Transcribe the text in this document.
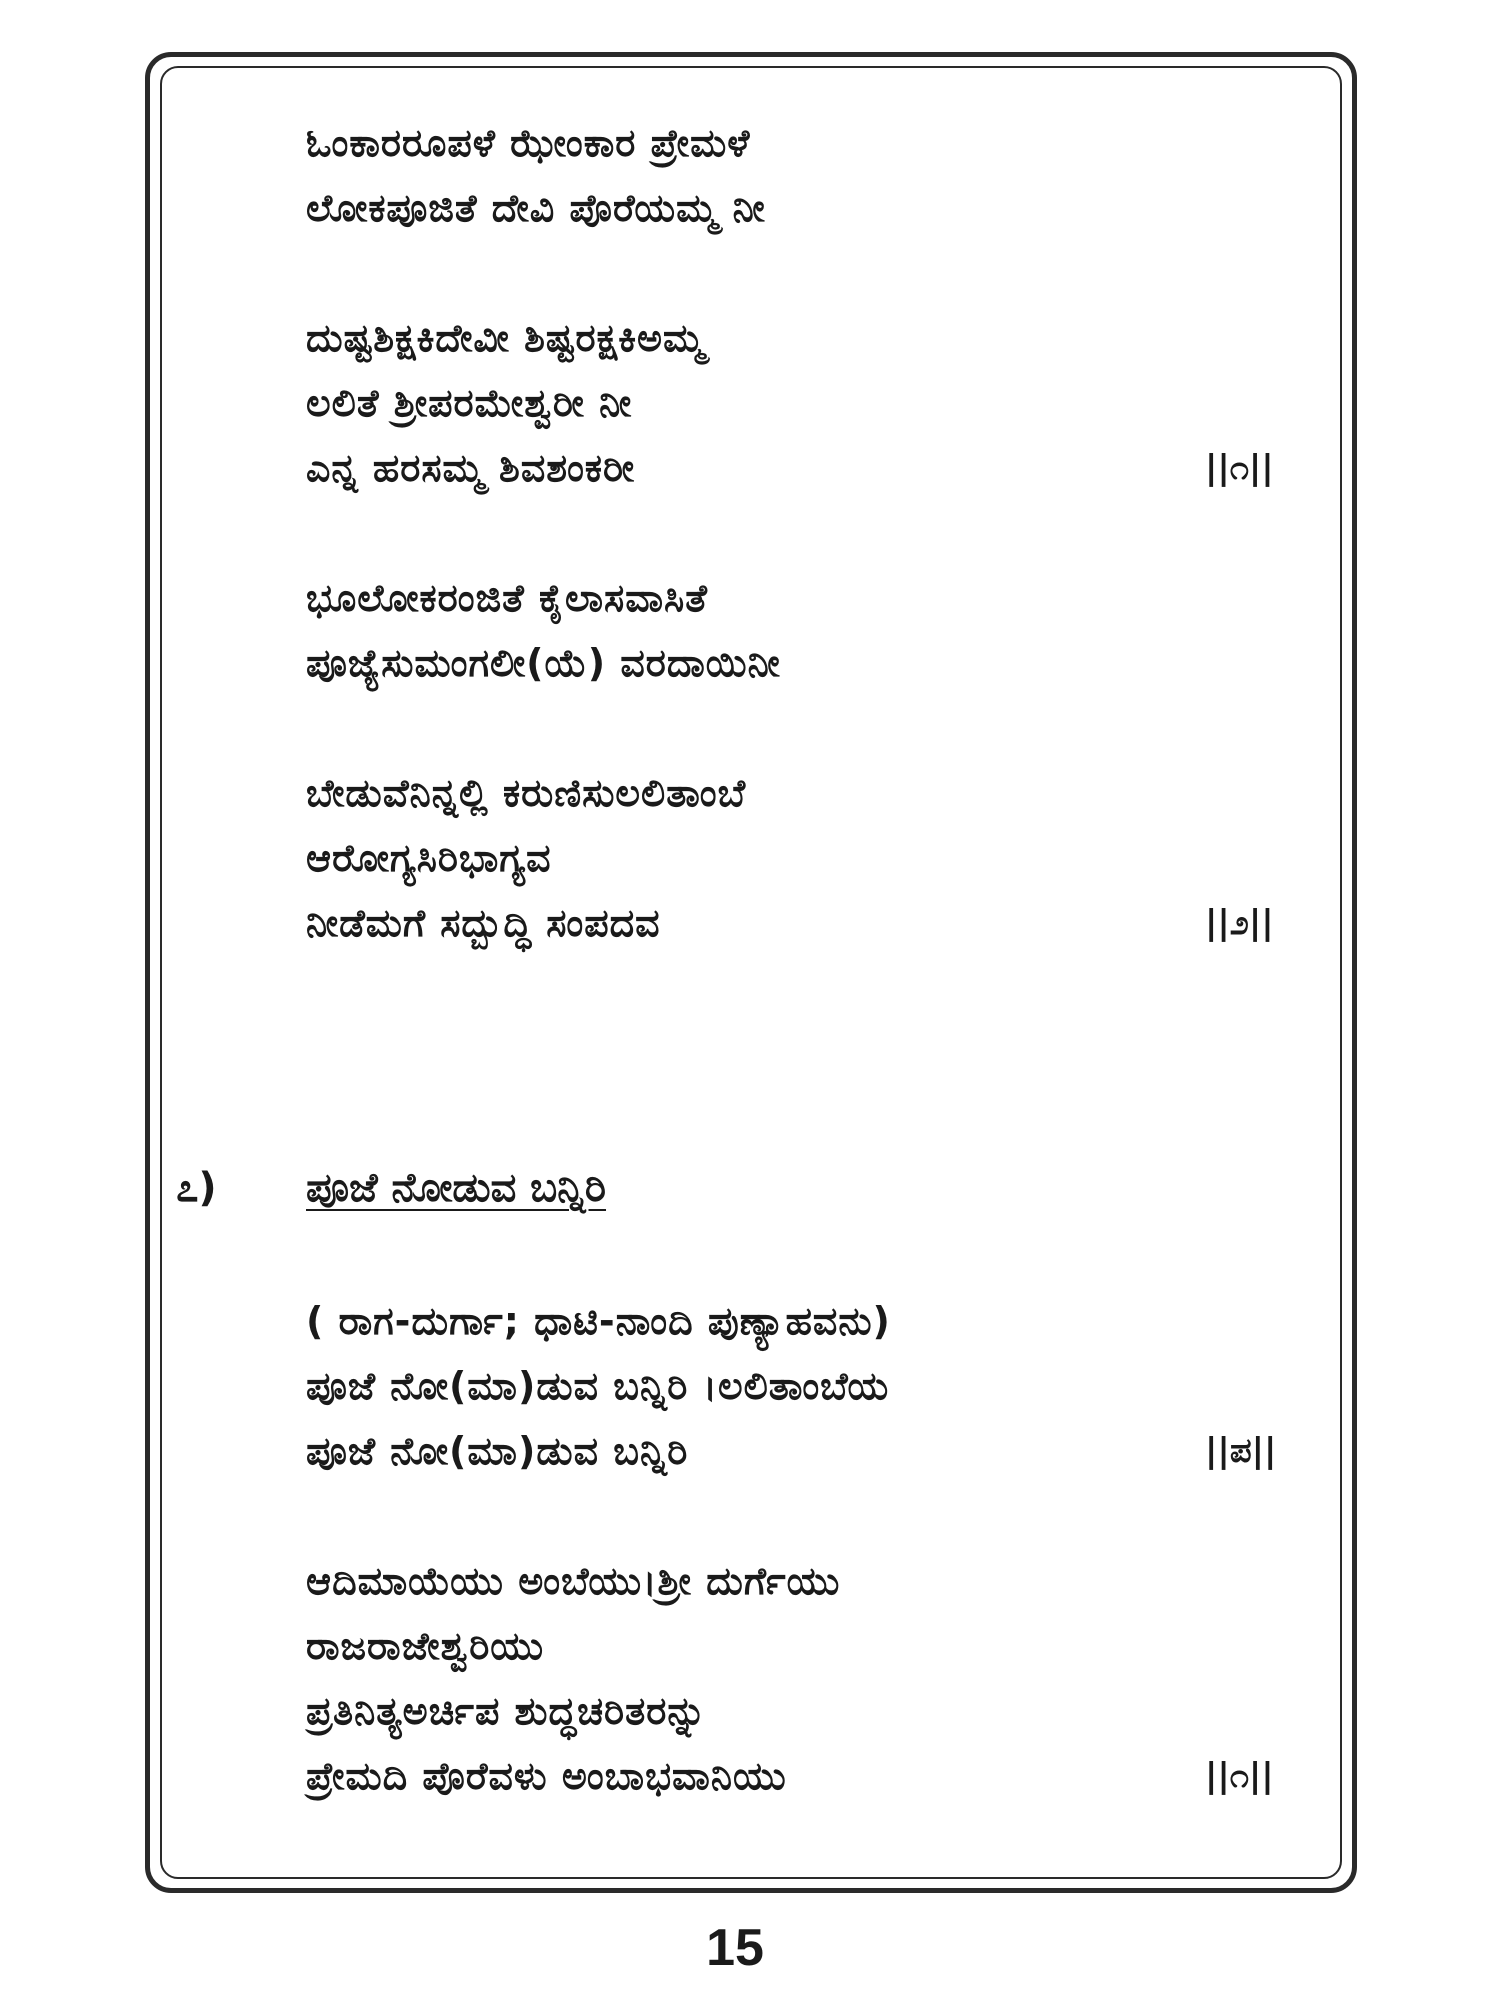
ಓಂಕಾರರೂಪಳೆ ಝೇಂಕಾರ ಪ್ರೇಮಳೆ
ಲೋಕಪೂಜಿತೆ ದೇವಿ ಪೊರೆಯಮ್ಮ ನೀ
ದುಷ್ಟಶಿಕ್ಷಕಿದೇವೀ ಶಿಷ್ಟರಕ್ಷಕಿಅಮ್ಮ
ಲಲಿತೆ ಶ್ರೀಪರಮೇಶ್ವರೀ ನೀ
ಎನ್ನ ಹರಸಮ್ಮ ಶಿವಶಂಕರೀ	||೧||
ಭೂಲೋಕರಂಜಿತೆ ಕೈಲಾಸವಾಸಿತೆ
ಪೂಜ್ಯೆಸುಮಂಗಲೀ(ಯೆ) ವರದಾಯಿನೀ
ಬೇಡುವೆನಿನ್ನಲ್ಲಿ ಕರುಣಿಸುಲಲಿತಾಂಬೆ
ಆರೋಗ್ಯಸಿರಿಭಾಗ್ಯವ
ನೀಡೆಮಗೆ ಸದ್ಬುದ್ಧಿ ಸಂಪದವ	||೨||
೭) ಪೂಜೆ ನೋಡುವ ಬನ್ನಿರಿ
( ರಾಗ-ದುರ್ಗಾ; ಧಾಟಿ-ನಾಂದಿ ಪುಣ್ಯಾಹವನು)
ಪೂಜೆ ನೋ(ಮಾ)ಡುವ ಬನ್ನಿರಿ ।ಲಲಿತಾಂಬೆಯ
ಪೂಜೆ ನೋ(ಮಾ)ಡುವ ಬನ್ನಿರಿ	||ಪ||
ಆದಿಮಾಯೆಯು ಅಂಬೆಯು।ಶ್ರೀ ದುರ್ಗೆಯು
ರಾಜರಾಜೇಶ್ವರಿಯು
ಪ್ರತಿನಿತ್ಯಅರ್ಚಿಪ ಶುದ್ಧಚರಿತರನ್ನು
ಪ್ರೇಮದಿ ಪೊರೆವಳು ಅಂಬಾಭವಾನಿಯು	||೧||
15
